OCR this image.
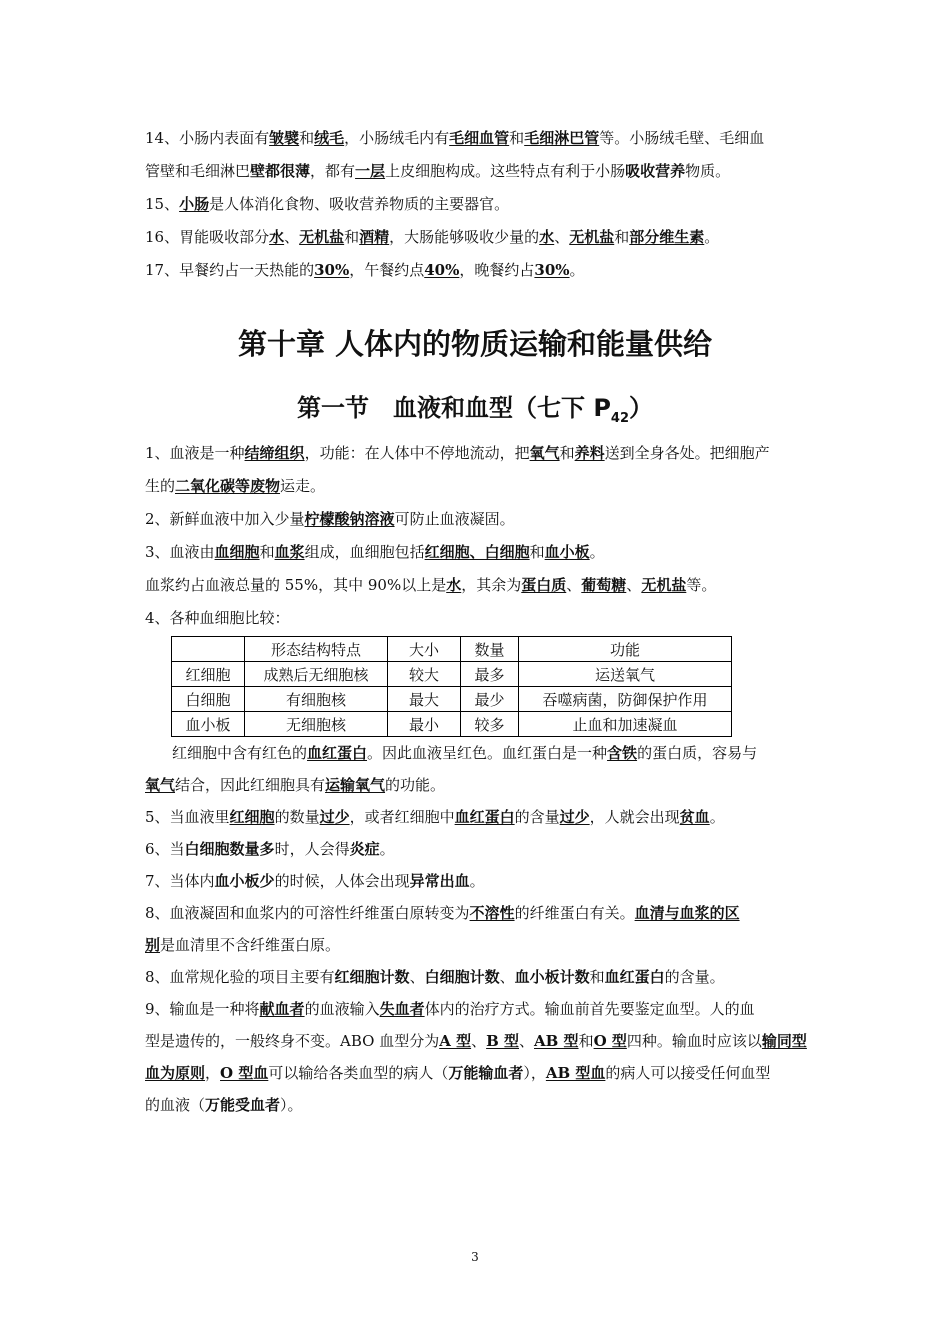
14、小肠内表面有皱襞和绒毛，小肠绒毛内有毛细血管和毛细淋巴管等。小肠绒毛壁、毛细血
管壁和毛细淋巴壁都很薄，都有一层上皮细胞构成。这些特点有利于小肠吸收营养物质。
15、小肠是人体消化食物、吸收营养物质的主要器官。
16、胃能吸收部分水、无机盐和酒精，大肠能够吸收少量的水、无机盐和部分维生素。
17、早餐约占一天热能的30%，午餐约点40%，晚餐约占30%。
第十章 人体内的物质运输和能量供给
第一节　血液和血型（七下 $P_{42}$）
1、血液是一种结缔组织，功能：在人体中不停地流动，把氧气和养料送到全身各处。把细胞产
生的二氧化碳等废物运走。
2、新鲜血液中加入少量柠檬酸钠溶液可防止血液凝固。
3、血液由血细胞和血浆组成，血细胞包括红细胞、白细胞和血小板。
血浆约占血液总量的 55%，其中 90%以上是水，其余为蛋白质、葡萄糖、无机盐等。
4、各种血细胞比较：
	形态结构特点	大小	数量	功能
红细胞	成熟后无细胞核	较大	最多	运送氧气
白细胞	有细胞核	最大	最少	吞噬病菌，防御保护作用
血小板	无细胞核	最小	较多	止血和加速凝血
红细胞中含有红色的血红蛋白。因此血液呈红色。血红蛋白是一种含铁的蛋白质，容易与
氧气结合，因此红细胞具有运输氧气的功能。
5、当血液里红细胞的数量过少，或者红细胞中血红蛋白的含量过少，人就会出现贫血。
6、当白细胞数量多时，人会得炎症。
7、当体内血小板少的时候，人体会出现异常出血。
8、血液凝固和血浆内的可溶性纤维蛋白原转变为不溶性的纤维蛋白有关。血清与血浆的区
别是血清里不含纤维蛋白原。
8、血常规化验的项目主要有红细胞计数、白细胞计数、血小板计数和血红蛋白的含量。
9、输血是一种将献血者的血液输入失血者体内的治疗方式。输血前首先要鉴定血型。人的血
型是遗传的，一般终身不变。ABO 血型分为A 型、B 型、AB 型和O 型四种。输血时应该以输同型
血为原则，O 型血可以输给各类血型的病人（万能输血者），AB 型血的病人可以接受任何血型
的血液（万能受血者）。
3
